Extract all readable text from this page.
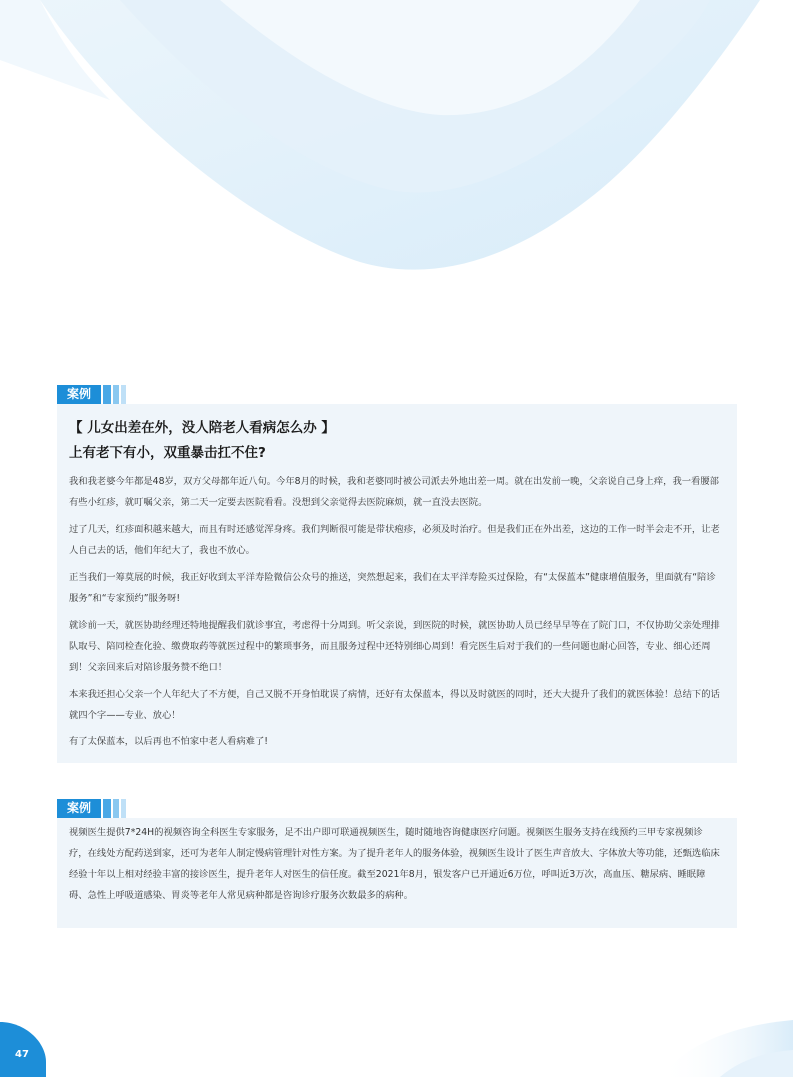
案例
【 儿女出差在外，没人陪老人看病怎么办 】
上有老下有小，双重暴击扛不住?

我和我老婆今年都是48岁，双方父母都年近八旬。今年8月的时候，我和老婆同时被公司派去外地出差一周。就在出发前一晚，父亲说自己身上痒，我一看腰部有些小红疹，就叮嘱父亲，第二天一定要去医院看看。没想到父亲觉得去医院麻烦，就一直没去医院。

过了几天，红疹面积越来越大，而且有时还感觉浑身疼。我们判断很可能是带状疱疹，必须及时治疗。但是我们正在外出差，这边的工作一时半会走不开，让老人自己去的话，他们年纪大了，我也不放心。

正当我们一筹莫展的时候，我正好收到太平洋寿险微信公众号的推送，突然想起来，我们在太平洋寿险买过保险，有“太保蓝本”健康增值服务，里面就有“陪诊服务”和“专家预约”服务呀!

就诊前一天，就医协助经理还特地提醒我们就诊事宜，考虑得十分周到。听父亲说，到医院的时候，就医协助人员已经早早等在了院门口，不仅协助父亲处理排队取号、陪同检查化验、缴费取药等就医过程中的繁琐事务，而且服务过程中还特别细心周到！看完医生后对于我们的一些问题也耐心回答，专业、细心还周到！父亲回来后对陪诊服务赞不绝口！

本来我还担心父亲一个人年纪大了不方便，自己又脱不开身怕耽误了病情，还好有太保蓝本，得以及时就医的同时，还大大提升了我们的就医体验！总结下的话就四个字——专业、放心！

有了太保蓝本，以后再也不怕家中老人看病难了!

案例

视频医生提供7*24H的视频咨询全科医生专家服务，足不出户即可联通视频医生，随时随地咨询健康医疗问题。视频医生服务支持在线预约三甲专家视频诊疗，在线处方配药送到家，还可为老年人制定慢病管理针对性方案。为了提升老年人的服务体验，视频医生设计了医生声音放大、字体放大等功能，还甄选临床经验十年以上相对经验丰富的接诊医生，提升老年人对医生的信任度。截至2021年8月，银发客户已开通近6万位，呼叫近3万次，高血压、糖尿病、睡眠障碍、急性上呼吸道感染、胃炎等老年人常见病种都是咨询诊疗服务次数最多的病种。

47
